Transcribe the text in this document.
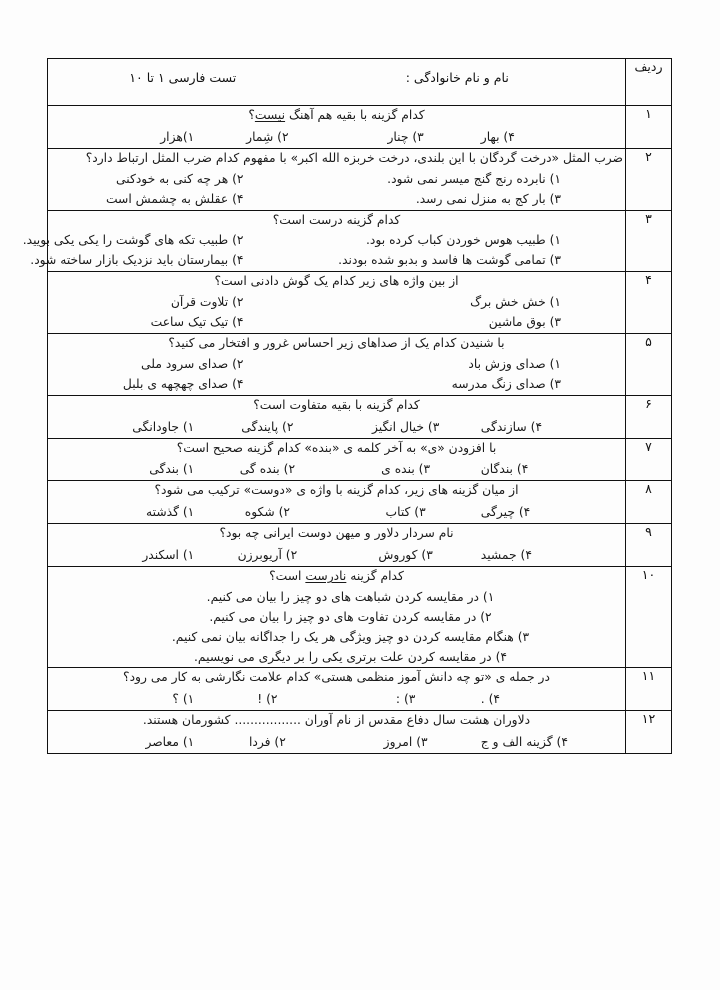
ردیف	نام و نام خانوادگی :
تست فارسی ۱ تا ۱۰

۱	کدام گزینه با بقیه هم آهنگ نیست؟
۴) بهار
۳) چنار
۲) شِمار
۱)هزار

۲	ضرب المثل «درخت گردگان با این بلندی، درخت خربزه الله اکبر» با مفهوم کدام ضرب المثل ارتباط دارد؟
۱) نابرده رنج گنج میسر نمی شود.
۲) هر چه کنی به خودکنی
۳) بار کج به منزل نمی رسد.
۴) عقلش به چشمش است

۳	کدام گزینه درست است؟
۱) طبیب هوس خوردن کباب کرده بود.
۲) طبیب تکه های گوشت را یکی یکی بویید.
۳) تمامی گوشت ها فاسد و بدبو شده بودند.
۴) بیمارستان باید نزدیک بازار ساخته شود.

۴	از بین واژه های زیر کدام یک گوش دادنی است؟
۱) خش خش برگ
۲) تلاوت قرآن
۳) بوق ماشین
۴) تیک تیک ساعت

۵	با شنیدن کدام یک از صداهای زیر احساس غرور و افتخار می کنید؟
۱) صدای وزش باد
۲) صدای سرود ملی
۳) صدای زنگ مدرسه
۴) صدای چهچهه ی بلبل

۶	کدام گزینه با بقیه متفاوت است؟
۴) سازندگی
۳) خیال انگیز
۲) پایندگی
۱) جاودانگی

۷	با افزودن «ی» به آخر کلمه ی «بنده» کدام گزینه صحیح است؟
۴) بندگان
۳) بنده ی
۲) بنده گی
۱) بندگی

۸	از میان گزینه های زیر، کدام گزینه با واژه ی «دوست» ترکیب می شود؟
۴) چیرگی
۳) کتاب
۲) شکوه
۱) گذشته

۹	نام سردار دلاور و میهن دوست ایرانی چه بود؟
۴) جمشید
۳) کوروش
۲) آریوبرزن
۱) اسکندر

۱۰	کدام گزینه نادرست است؟
۱) در مقایسه کردن شباهت های دو چیز را بیان می کنیم.
۲) در مقایسه کردن تفاوت های دو چیز را بیان می کنیم.
۳) هنگام مقایسه کردن دو چیز ویژگی هر یک را جداگانه بیان نمی کنیم.
۴) در مقایسه کردن علت برتری یکی را بر دیگری می نویسیم.

۱۱	در جمله ی «تو چه دانش آموز منظمی هستی» کدام علامت نگارشی به کار می رود؟
۴) .
۳) :
۲) !
۱) ؟

۱۲	دلاوران هشت سال دفاع مقدس از نام آوران ................. کشورمان هستند.
۴) گزینه الف و ج
۳) امروز
۲) فردا
۱) معاصر
